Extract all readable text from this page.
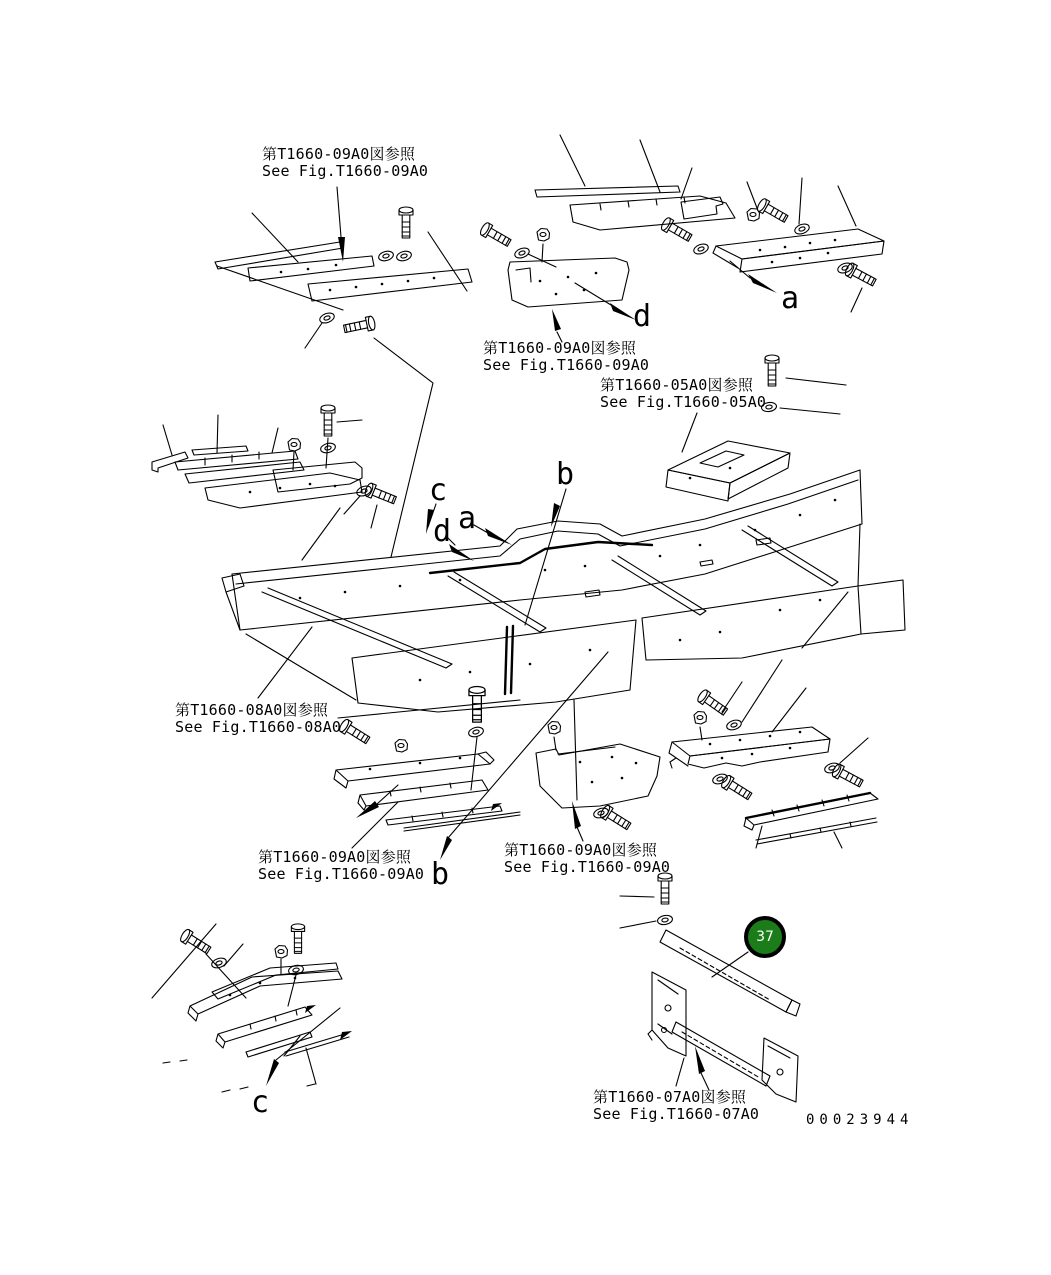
第T1660-09A0図参照
See Fig.T1660-09A0
第T1660-09A0図参照
See Fig.T1660-09A0
第T1660-05A0図参照
See Fig.T1660-05A0
第T1660-08A0図参照
See Fig.T1660-08A0
第T1660-09A0図参照
See Fig.T1660-09A0
第T1660-09A0図参照
See Fig.T1660-09A0
第T1660-07A0図参照
See Fig.T1660-07A0
d
a
c	b
a
d
b
c
37
00023944
